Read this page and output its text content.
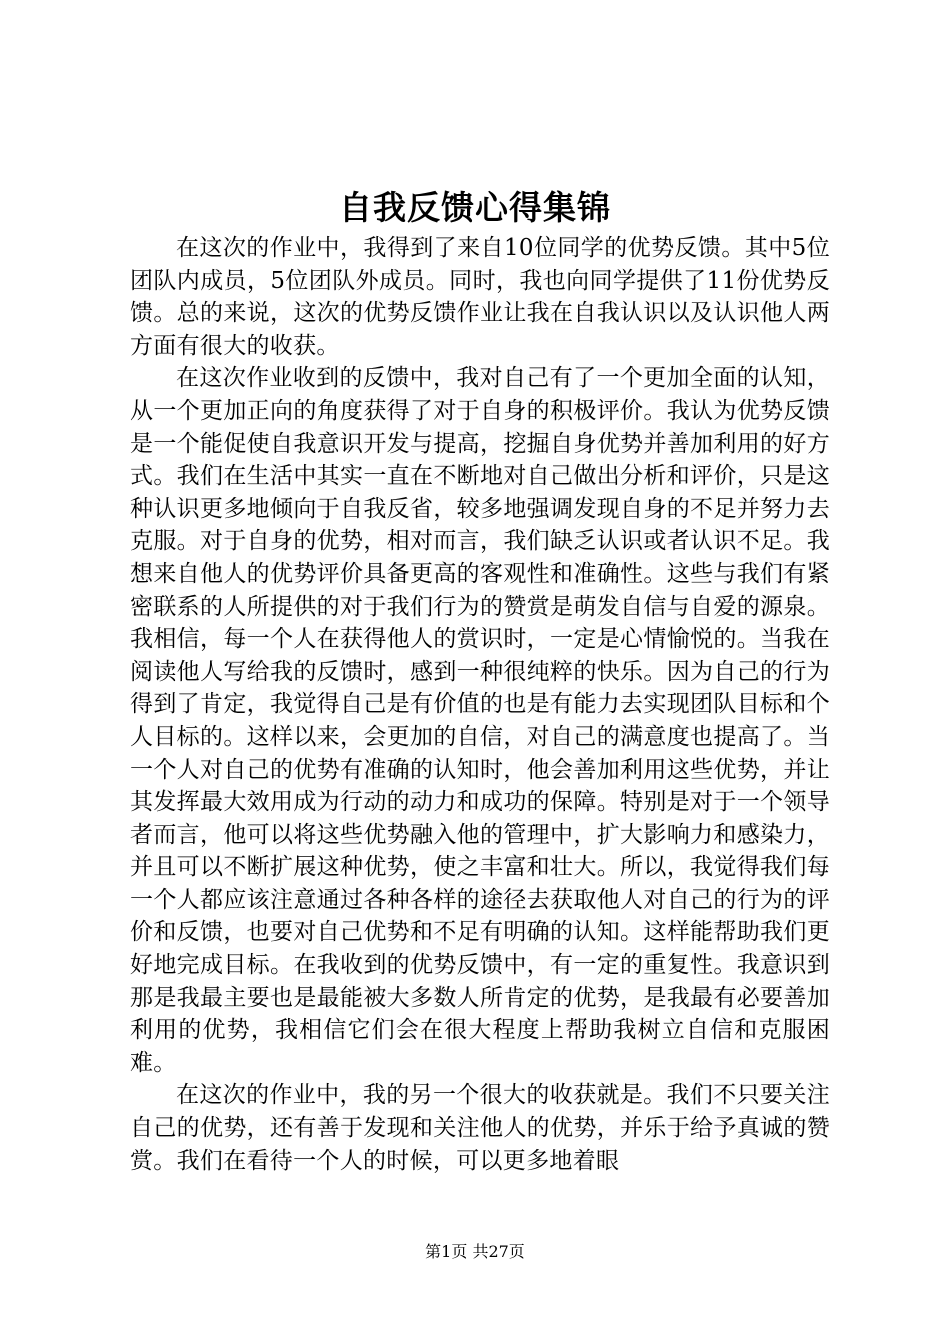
自我反馈心得集锦

在这次的作业中，我得到了来自10位同学的优势反馈。其中5位团队内成员，5位团队外成员。同时，我也向同学提供了11份优势反馈。总的来说，这次的优势反馈作业让我在自我认识以及认识他人两方面有很大的收获。

在这次作业收到的反馈中，我对自己有了一个更加全面的认知，从一个更加正向的角度获得了对于自身的积极评价。我认为优势反馈是一个能促使自我意识开发与提高，挖掘自身优势并善加利用的好方式。我们在生活中其实一直在不断地对自己做出分析和评价，只是这种认识更多地倾向于自我反省，较多地强调发现自身的不足并努力去克服。对于自身的优势，相对而言，我们缺乏认识或者认识不足。我想来自他人的优势评价具备更高的客观性和准确性。这些与我们有紧密联系的人所提供的对于我们行为的赞赏是萌发自信与自爱的源泉。我相信，每一个人在获得他人的赏识时，一定是心情愉悦的。当我在阅读他人写给我的反馈时，感到一种很纯粹的快乐。因为自己的行为得到了肯定，我觉得自己是有价值的也是有能力去实现团队目标和个人目标的。这样以来，会更加的自信，对自己的满意度也提高了。当一个人对自己的优势有准确的认知时，他会善加利用这些优势，并让其发挥最大效用成为行动的动力和成功的保障。特别是对于一个领导者而言，他可以将这些优势融入他的管理中，扩大影响力和感染力，并且可以不断扩展这种优势，使之丰富和壮大。所以，我觉得我们每一个人都应该注意通过各种各样的途径去获取他人对自己的行为的评价和反馈，也要对自己优势和不足有明确的认知。这样能帮助我们更好地完成目标。在我收到的优势反馈中，有一定的重复性。我意识到那是我最主要也是最能被大多数人所肯定的优势，是我最有必要善加利用的优势，我相信它们会在很大程度上帮助我树立自信和克服困难。

在这次的作业中，我的另一个很大的收获就是。我们不只要关注自己的优势，还有善于发现和关注他人的优势，并乐于给予真诚的赞赏。我们在看待一个人的时候，可以更多地着眼

第1页 共27页
